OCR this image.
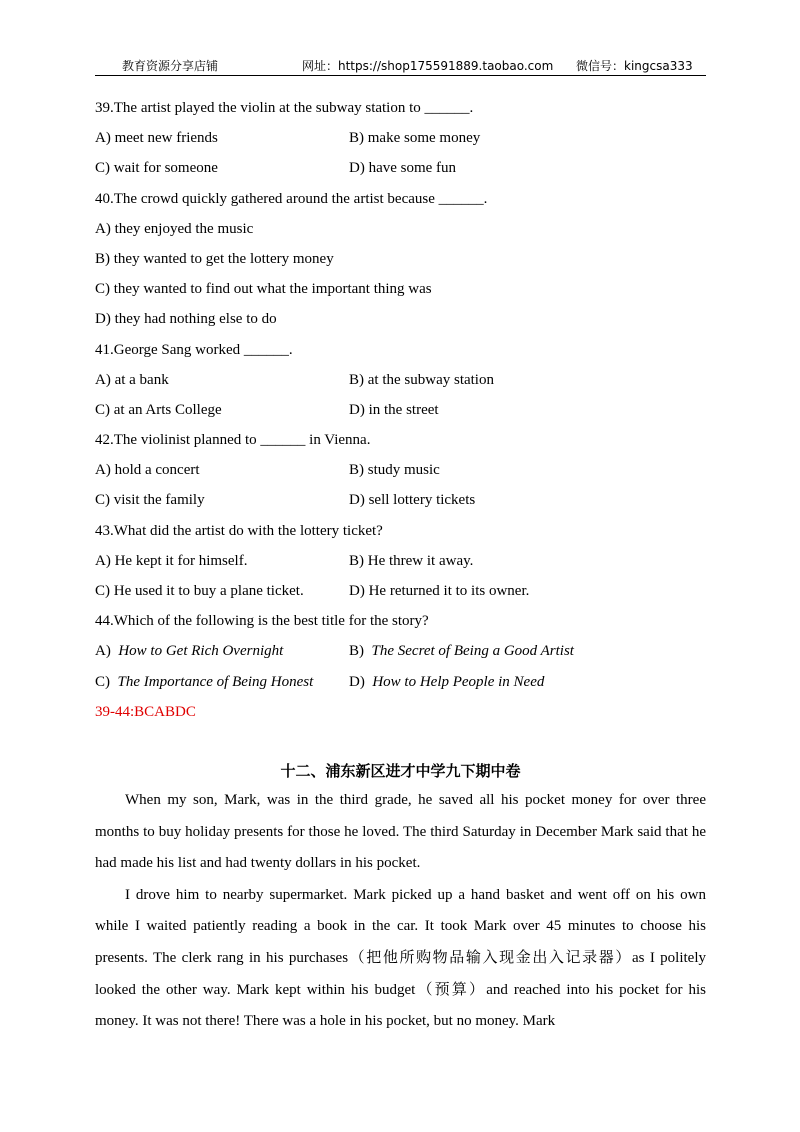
教育资源分享店铺	网址：https://shop175591889.taobao.com 微信号：kingcsa333
39.The artist played the violin at the subway station to ______.
A) meet new friends	B) make some money
C) wait for someone	D) have some fun
40.The crowd quickly gathered around the artist because ______.
A) they enjoyed the music
B) they wanted to get the lottery money
C) they wanted to find out what the important thing was
D) they had nothing else to do
41.George Sang worked ______.
A) at a bank	B) at the subway station
C) at an Arts College	D) in the street
42.The violinist planned to ______ in Vienna.
A) hold a concert	B) study music
C) visit the family	D) sell lottery tickets
43.What did the artist do with the lottery ticket?
A) He kept it for himself.	B) He threw it away.
C) He used it to buy a plane ticket.	D) He returned it to its owner.
44.Which of the following is the best title for the story?
A) How to Get Rich Overnight	B) The Secret of Being a Good Artist
C) The Importance of Being Honest D) How to Help People in Need
39-44:BCABDC
十二、浦东新区进才中学九下期中卷

When my son, Mark, was in the third grade, he saved all his pocket money for over three months to buy holiday presents for those he loved. The third Saturday in December Mark said that he had made his list and had twenty dollars in his pocket.

I drove him to nearby supermarket. Mark picked up a hand basket and went off on his own while I waited patiently reading a book in the car. It took Mark over 45 minutes to choose his presents. The clerk rang in his purchases（把他所购物品输入现金出入记录器）as I politely looked the other way. Mark kept within his budget（预算）and reached into his pocket for his money. It was not there! There was a hole in his pocket, but no money. Mark
